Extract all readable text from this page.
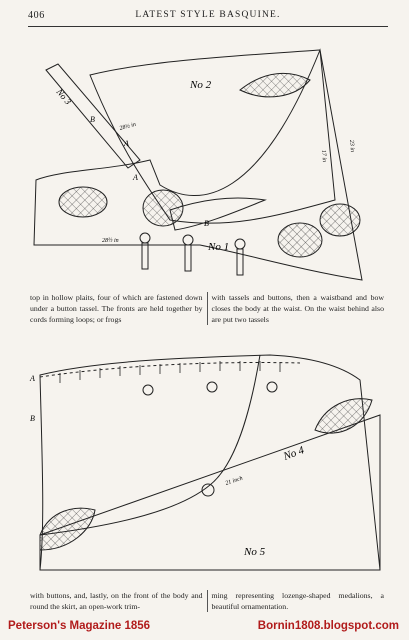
406	LATEST STYLE BASQUINE.
No 2
No 3
No 1
A
B
A
B
28½ in
28½ in
17 in
23 in
top in hollow plaits, four of which are fastened down under a button tassel. The fronts are held together by cords forming loops; or frogs
with tassels and buttons, then a waistband and bow closes the body at the waist. On the waist behind also are put two tassels
No 4
No 5
A
B
21 inch
with buttons, and, lastly, on the front of the body and round the skirt, an open-work trim-
ming representing lozenge-shaped medalions, a beautiful ornamentation.
Peterson's Magazine 1856	Bornin1808.blogspot.com
